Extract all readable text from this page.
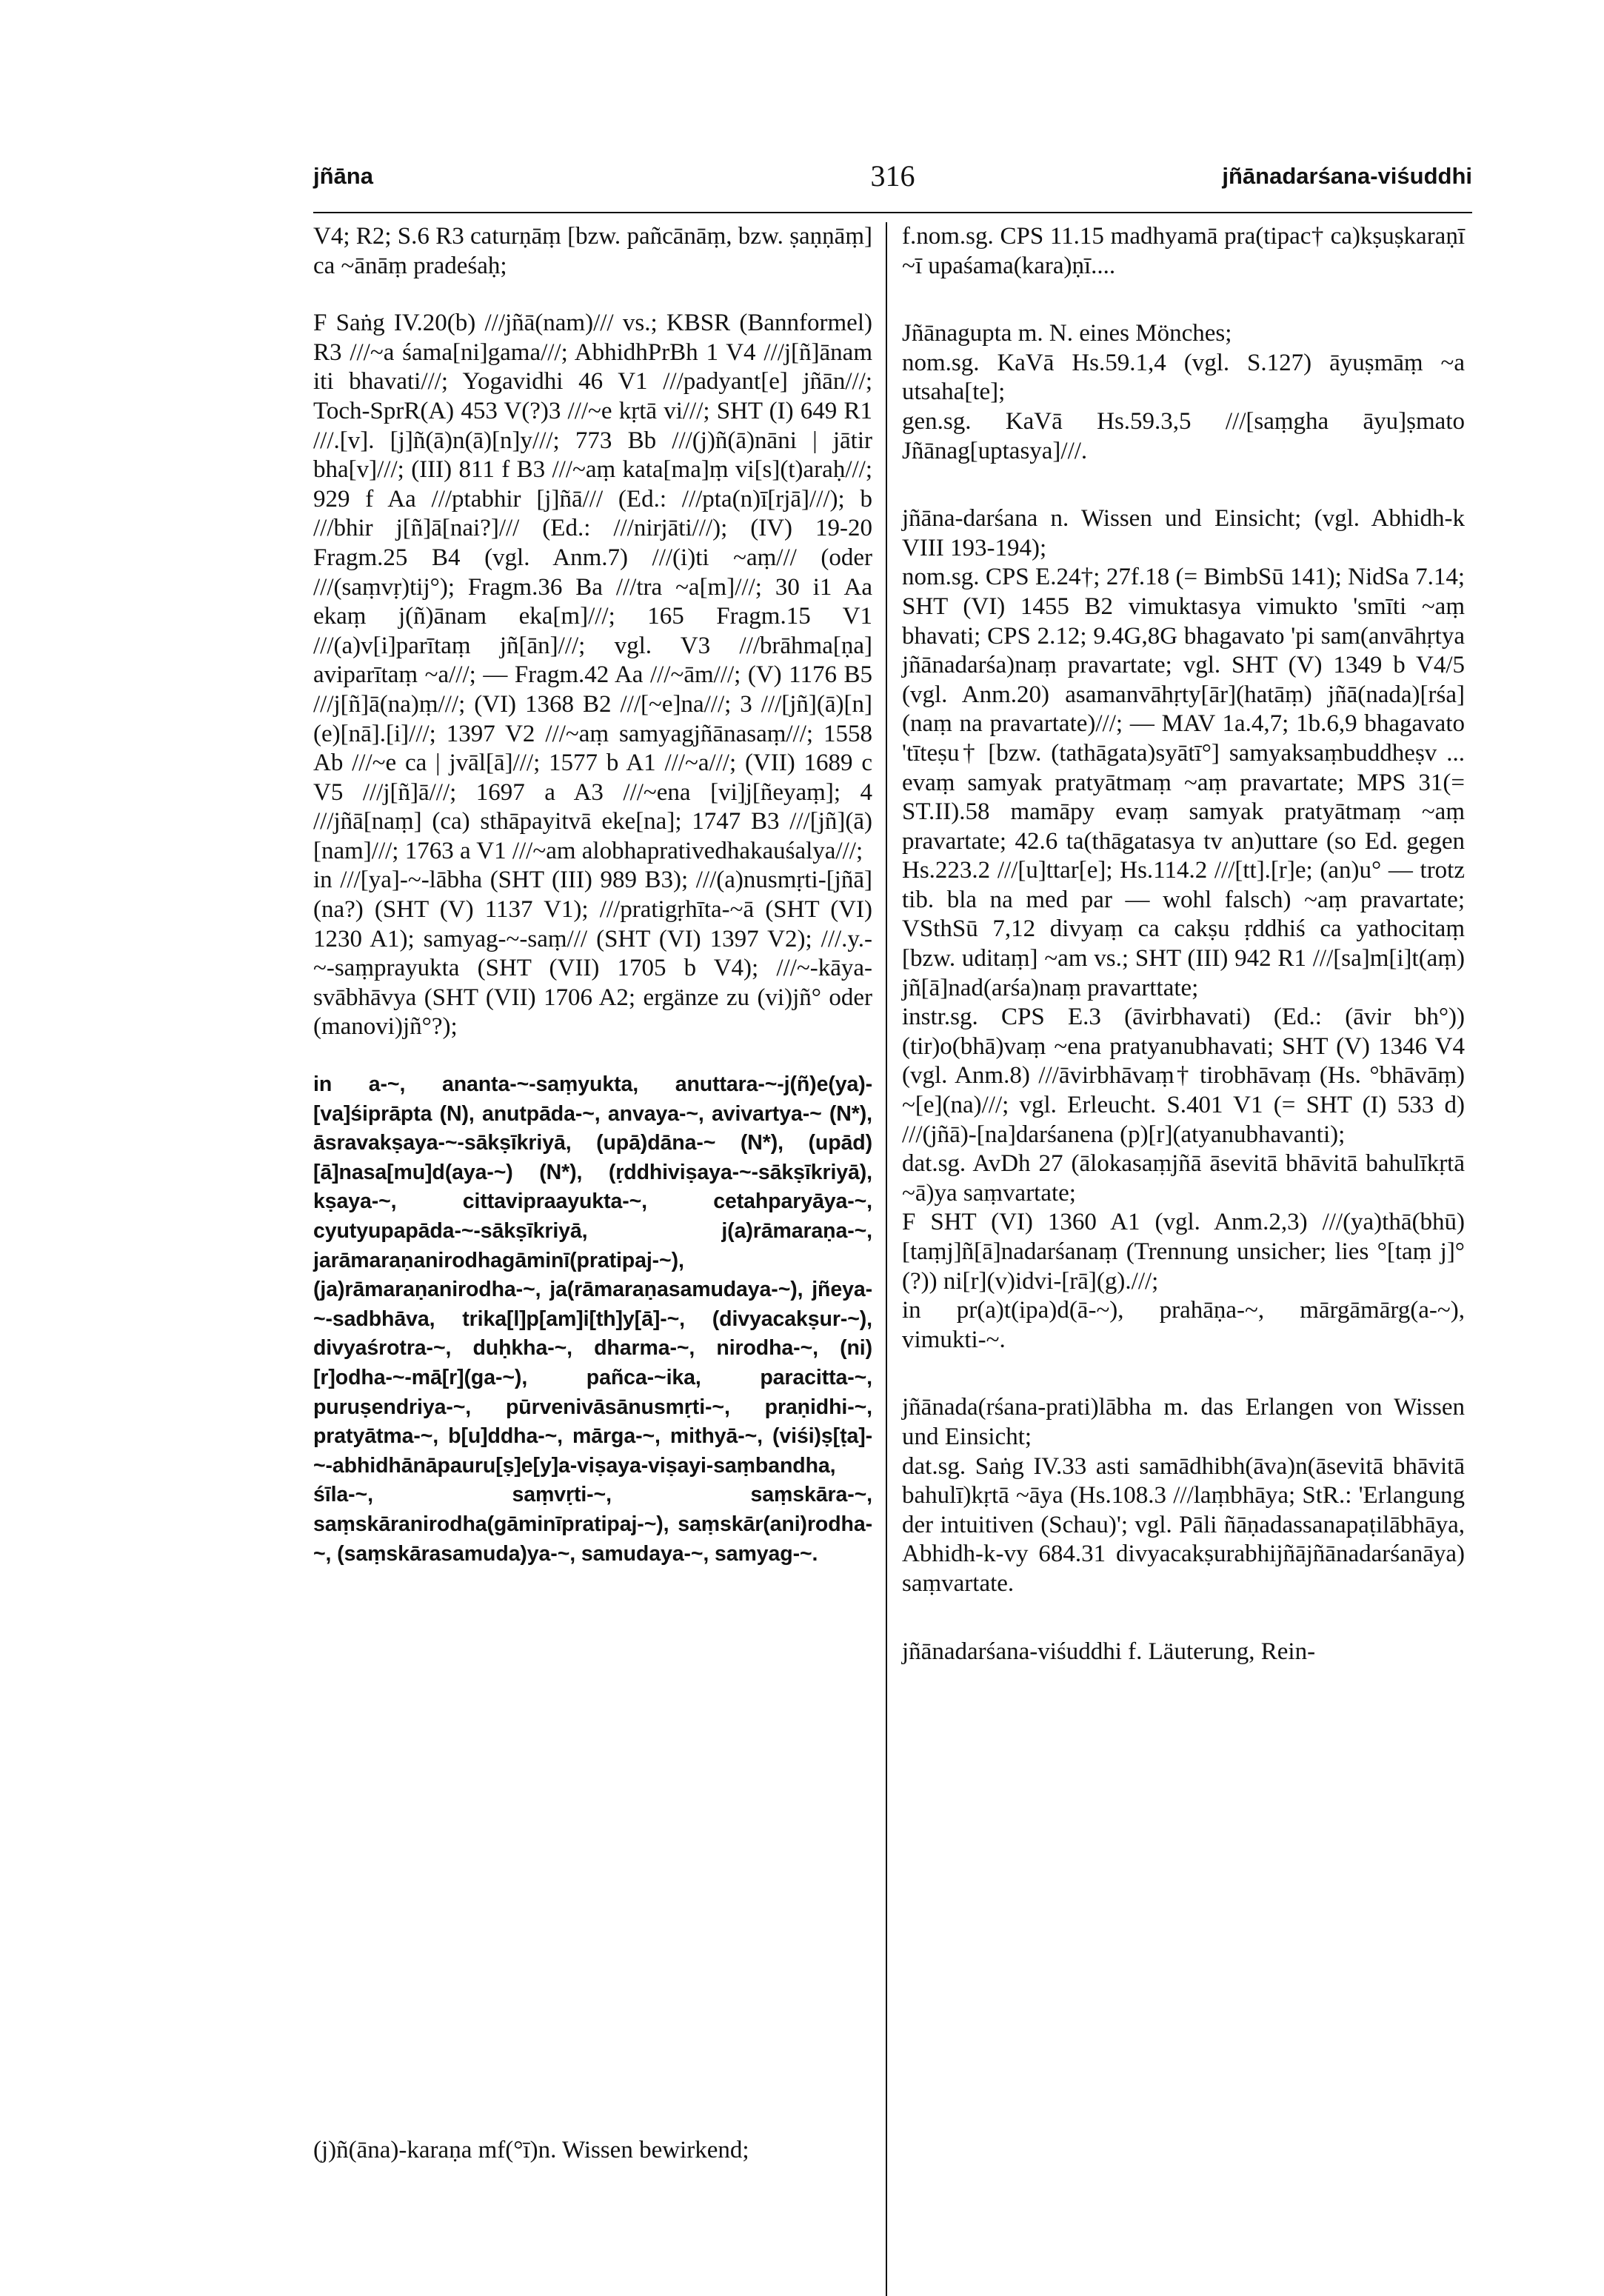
jñāna	316	jñānadarśana-viśuddhi

V4; R2; S.6 R3 caturṇāṃ [bzw. pañcānāṃ, bzw. ṣaṇṇāṃ] ca ~ānāṃ pradeśaḥ;

F Saṅg IV.20(b) ///jñā(nam)/// vs.; KBSR (Bannformel) R3 ///~a śama[ni]gama///; AbhidhPrBh 1 V4 ///j[ñ]ānam iti bhavati///; Yogavidhi 46 V1 ///padyant[e] jñān///; Toch-SprR(A) 453 V(?)3 ///~e kṛtā vi///; SHT (I) 649 R1 ///.[v]. [j]ñ(ā)n(ā)[n]y///; 773 Bb ///(j)ñ(ā)nāni | jātir bha[v]///; (III) 811 f B3 ///~aṃ kata[ma]ṃ vi[s](t)araḥ///; 929 f Aa ///ptabhir [j]ñā/// (Ed.: ///pta(n)ī[rjā]///); b ///bhir j[ñ]ā[nai?]/// (Ed.: ///nirjāti///); (IV) 19-20 Fragm.25 B4 (vgl. Anm.7) ///(i)ti ~aṃ/// (oder ///(saṃvṛ)tij°); Fragm.36 Ba ///tra ~a[m]///; 30 i1 Aa ekaṃ j(ñ)ānam eka[m]///; 165 Fragm.15 V1 ///(a)v[i]parītaṃ jñ[ān]///; vgl. V3 ///brāhma[ṇa] aviparītaṃ ~a///; — Fragm.42 Aa ///~ām///; (V) 1176 B5 ///j[ñ]ā(na)ṃ///; (VI) 1368 B2 ///[~e]na///; 3 ///[jñ](ā)[n](e)[nā].[i]///; 1397 V2 ///~aṃ samyagjñānasaṃ///; 1558 Ab ///~e ca | jvāl[ā]///; 1577 b A1 ///~a///; (VII) 1689 c V5 ///j[ñ]ā///; 1697 a A3 ///~ena [vi]j[ñeyaṃ]; 4 ///jñā[naṃ] (ca) sthāpayitvā eke[na]; 1747 B3 ///[jñ](ā)[nam]///; 1763 a V1 ///~am alobhaprativedhakauśalya///;

in ///[ya]-~-lābha (SHT (III) 989 B3); ///(a)nusmṛti-[jñā](na?) (SHT (V) 1137 V1); ///pratigṛhīta-~ā (SHT (VI) 1230 A1); samyag-~-saṃ/// (SHT (VI) 1397 V2); ///.y.-~-saṃprayukta (SHT (VII) 1705 b V4); ///~-kāya-svābhāvya (SHT (VII) 1706 A2; ergänze zu (vi)jñ° oder (manovi)jñ°?);

in a-~, ananta-~-saṃyukta, anuttara-~-j(ñ)e(ya)-[va]śiprāpta (N), anutpāda-~, anvaya-~, avivartya-~ (N*), āsravakṣaya-~-sākṣīkriyā, (upā)dāna-~ (N*), (upād)[ā]nasa[mu]d(aya-~) (N*), (ṛddhiviṣaya-~-sākṣīkriyā), kṣaya-~, cittavipraayukta-~, cetahparyāya-~, cyutyupapāda-~-sākṣīkriyā, j(a)rāmaraṇa-~, jarāmaraṇanirodhagāminī(pratipaj-~), (ja)rāmaraṇanirodha-~, ja(rāmaraṇasamudaya-~), jñeya-~-sadbhāva, trika[l]p[am]i[th]y[ā]-~, (divyacakṣur-~), divyaśrotra-~, duḥkha-~, dharma-~, nirodha-~, (ni)[r]odha-~-mā[r](ga-~), pañca-~ika, paracitta-~, puruṣendriya-~, pūrvenivāsānusmṛti-~, praṇidhi-~, pratyātma-~, b[u]ddha-~, mārga-~, mithyā-~, (viśi)ṣ[ṭa]-~-abhidhānāpauru[ṣ]e[y]a-viṣaya-viṣayi-saṃbandha, śīla-~, saṃvṛti-~, saṃskāra-~, saṃskāranirodha(gāminīpratipaj-~), saṃskār(ani)rodha-~, (saṃskārasamuda)ya-~, samudaya-~, samyag-~.

(j)ñ(āna)-karaṇa mf(°ī)n. Wissen bewirkend;

f.nom.sg. CPS 11.15 madhyamā pra(tipac† ca)kṣuṣkaraṇī ~ī upaśama(kara)ṇī....

Jñānagupta m. N. eines Mönches;

nom.sg. KaVā Hs.59.1,4 (vgl. S.127) āyuṣmāṃ ~a utsaha[te];

gen.sg. KaVā Hs.59.3,5 ///[saṃgha āyu]ṣmato Jñānag[uptasya]///.

jñāna-darśana n. Wissen und Einsicht; (vgl. Abhidh-k VIII 193-194);

nom.sg. CPS E.24†; 27f.18 (= BimbSū 141); NidSa 7.14; SHT (VI) 1455 B2 vimuktasya vimukto 'smīti ~aṃ bhavati; CPS 2.12; 9.4G,8G bhagavato 'pi sam(anvāhṛtya jñānadarśa)naṃ pravartate; vgl. SHT (V) 1349 b V4/5 (vgl. Anm.20) asamanvāhṛty[ār](hatāṃ) jñā(nada)[rśa](naṃ na pravartate)///; — MAV 1a.4,7; 1b.6,9 bhagavato 'tīteṣu† [bzw. (tathāgata)syātī°] samyaksaṃbuddheṣv ... evaṃ samyak pratyātmaṃ ~aṃ pravartate; MPS 31(= ST.II).58 mamāpy evaṃ samyak pratyātmaṃ ~aṃ pravartate; 42.6 ta(thāgatasya tv an)uttare (so Ed. gegen Hs.223.2 ///[u]ttar[e]; Hs.114.2 ///[tt].[r]e; (an)u° — trotz tib. bla na med par — wohl falsch) ~aṃ pravartate; VSthSū 7,12 divyaṃ ca cakṣu ṛddhiś ca yathocitaṃ [bzw. uditaṃ] ~am vs.; SHT (III) 942 R1 ///[sa]m[i]t(aṃ) jñ[ā]nad(arśa)naṃ pravarttate;

instr.sg. CPS E.3 (āvirbhavati) (Ed.: (āvir bh°)) (tir)o(bhā)vaṃ ~ena pratyanubhavati; SHT (V) 1346 V4 (vgl. Anm.8) ///āvirbhāvaṃ† tirobhāvaṃ (Hs. °bhāvāṃ) ~[e](na)///; vgl. Erleucht. S.401 V1 (= SHT (I) 533 d) ///(jñā)-[na]darśanena (p)[r](atyanubhavanti);

dat.sg. AvDh 27 (ālokasaṃjñā āsevitā bhāvitā bahulīkṛtā ~ā)ya saṃvartate;

F SHT (VI) 1360 A1 (vgl. Anm.2,3) ///(ya)thā(bhū)[taṃj]ñ[ā]nadarśanaṃ (Trennung unsicher; lies °[taṃ j]°(?)) ni[r](v)idvi-[rā](g).///;

in pr(a)t(ipa)d(ā-~), prahāṇa-~, mārgāmārg(a-~), vimukti-~.

jñānada(rśana-prati)lābha m. das Erlangen von Wissen und Einsicht;

dat.sg. Saṅg IV.33 asti samādhibh(āva)n(āsevitā bhāvitā bahulī)kṛtā ~āya (Hs.108.3 ///laṃbhāya; StR.: 'Erlangung der intuitiven (Schau)'; vgl. Pāli ñāṇadassanapaṭilābhāya, Abhidh-k-vy 684.31 divyacakṣurabhijñājñānadarśanāya) saṃvartate.

jñānadarśana-viśuddhi f. Läuterung, Rein-
